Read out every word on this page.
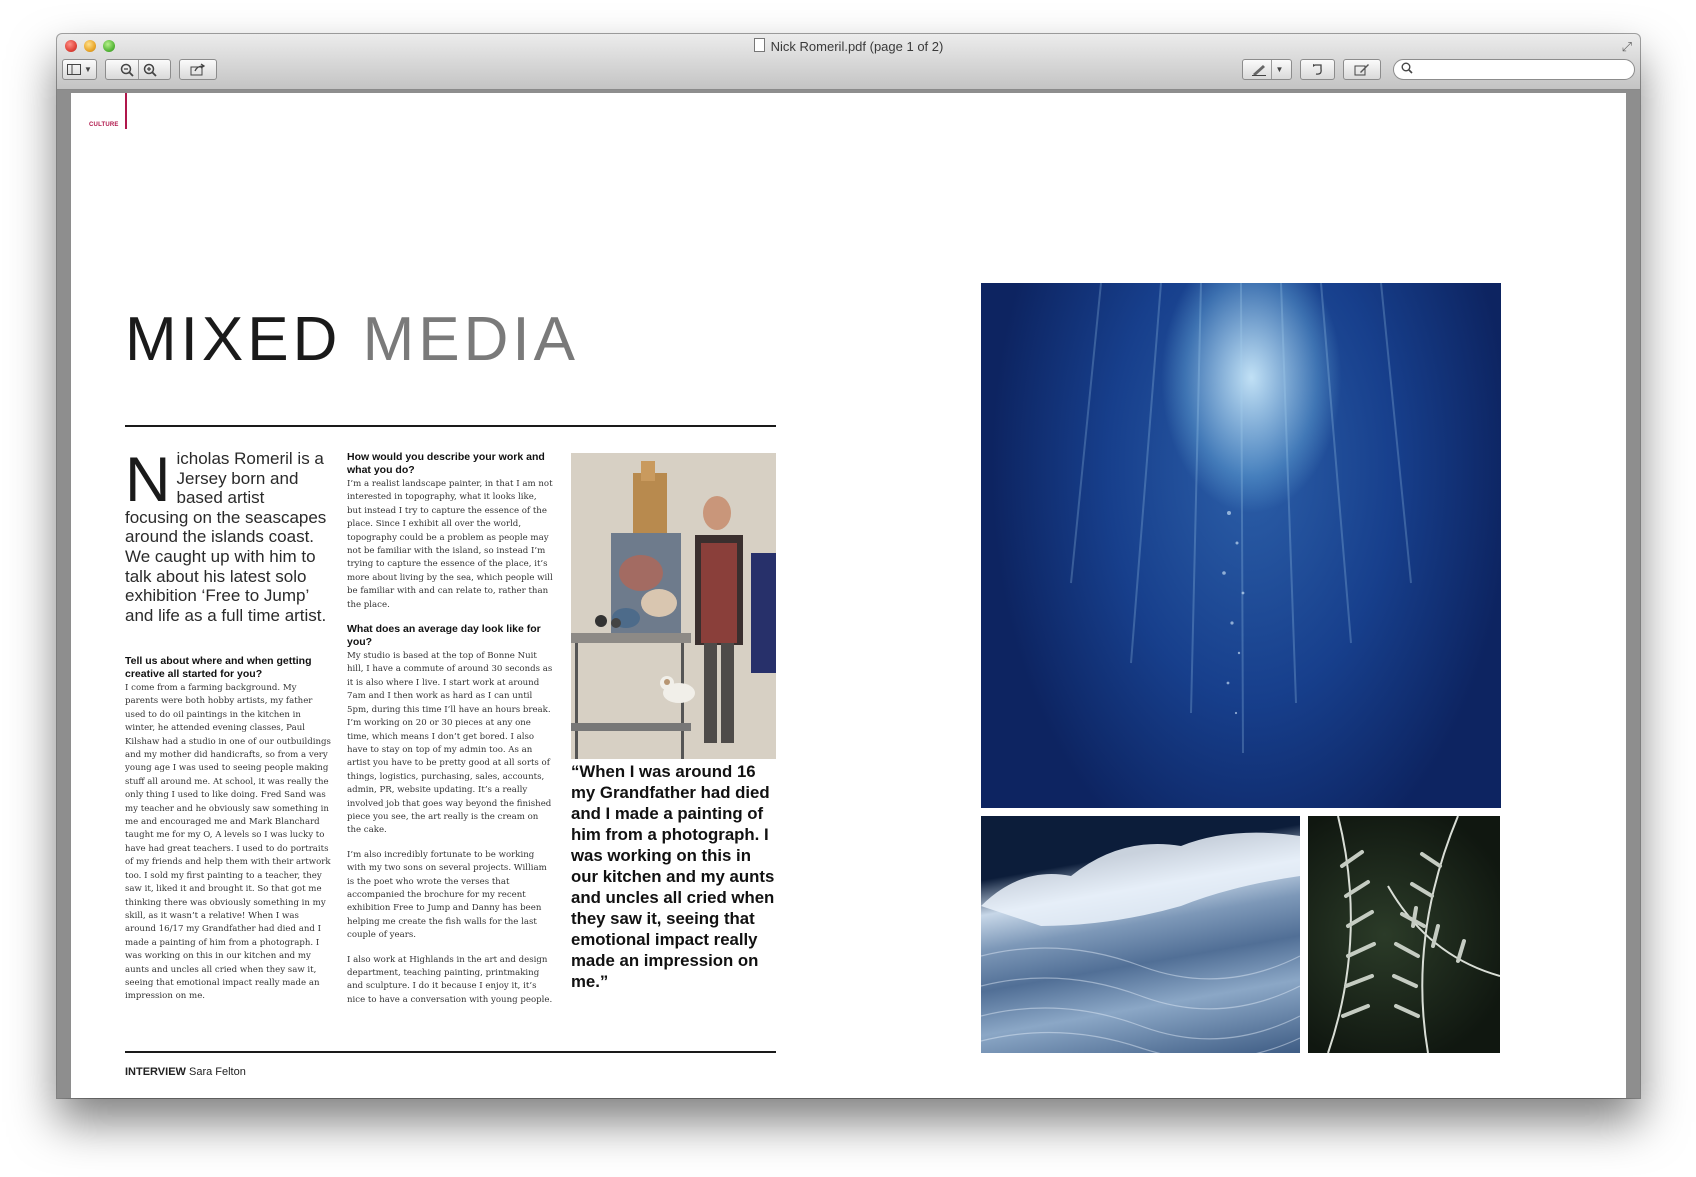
Nick Romeril.pdf (page 1 of 2)	⤢
▼	▼
CULTURE
MIXED MEDIA
Nicholas Romeril is a Jersey born and based artist focusing on the seascapes around the islands coast. We caught up with him to talk about his latest solo exhibition ‘Free to Jump’ and life as a full time artist.

Tell us about where and when getting creative all started for you?

I come from a farming background. My parents were both hobby artists, my father used to do oil paintings in the kitchen in winter, he attended evening classes, Paul Kilshaw had a studio in one of our outbuildings and my mother did handicrafts, so from a very young age I was used to seeing people making stuff all around me. At school, it was really the only thing I used to like doing. Fred Sand was my teacher and he obviously saw something in me and encouraged me and Mark Blanchard taught me for my O, A levels so I was lucky to have had great teachers. I used to do portraits of my friends and help them with their artwork too. I sold my first painting to a teacher, they saw it, liked it and brought it. So that got me thinking there was obviously something in my skill, as it wasn’t a relative! When I was around 16/17 my Grandfather had died and I made a painting of him from a photograph. I was working on this in our kitchen and my aunts and uncles all cried when they saw it, seeing that emotional impact really made an impression on me.

How would you describe your work and what you do?

I’m a realist landscape painter, in that I am not interested in topography, what it looks like, but instead I try to capture the essence of the place. Since I exhibit all over the world, topography could be a problem as people may not be familiar with the island, so instead I’m trying to capture the essence of the place, it’s more about living by the sea, which people will be familiar with and can relate to, rather than the place.

What does an average day look like for you?

My studio is based at the top of Bonne Nuit hill, I have a commute of around 30 seconds as it is also where I live. I start work at around 7am and I then work as hard as I can until 5pm, during this time I’ll have an hours break. I’m working on 20 or 30 pieces at any one time, which means I don’t get bored. I also have to stay on top of my admin too. As an artist you have to be pretty good at all sorts of things, logistics, purchasing, sales, accounts, admin, PR, website updating. It’s a really involved job that goes way beyond the finished piece you see, the art really is the cream on the cake.

I’m also incredibly fortunate to be working with my two sons on several projects. William is the poet who wrote the verses that accompanied the brochure for my recent exhibition Free to Jump and Danny has been helping me create the fish walls for the last couple of years.

I also work at Highlands in the art and design department, teaching painting, printmaking and sculpture. I do it because I enjoy it, it’s nice to have a conversation with young people.

“When I was around 16 my Grandfather had died and I made a painting of him from a photograph. I was working on this in our kitchen and my aunts and uncles all cried when they saw it, seeing that emotional impact really made an impression on me.”
INTERVIEW Sara Felton
